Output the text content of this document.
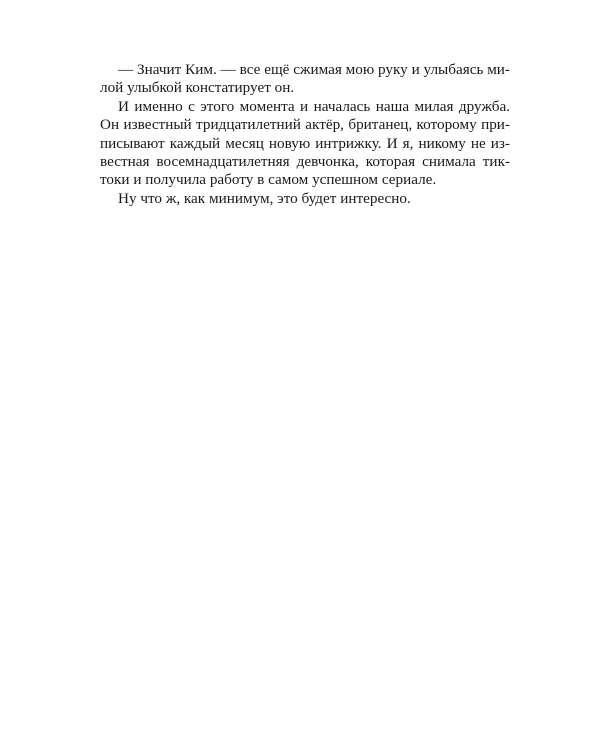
— Значит Ким. — все ещё сжимая мою руку и улыбаясь ми-
лой улыбкой констатирует он.
И именно с этого момента и началась наша милая дружба.
Он известный тридцатилетний актёр, британец, которому при-
писывают каждый месяц новую интрижку. И я, никому не из-
вестная восемнадцатилетняя девчонка, которая снимала тик-
токи и получила работу в самом успешном сериале.
Ну что ж, как минимум, это будет интересно.
